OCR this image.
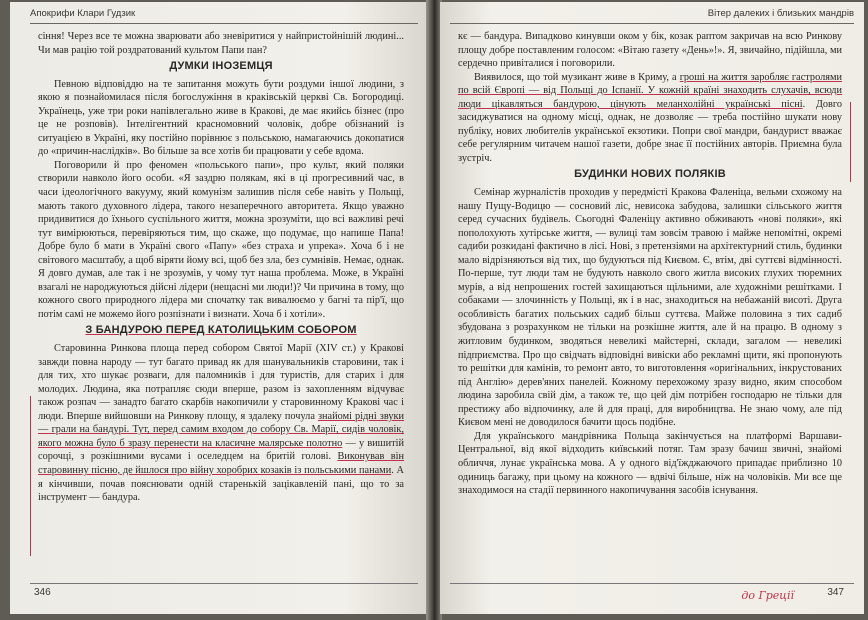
Апокрифи Клари Гудзик

сіння! Через все те можна зварювати або зневіритися у найпристойнішій людині... Чи мав рацію той роздратований культом Папи пан?

ДУМКИ ІНОЗЕМЦЯ

Певною відповіддю на те запитання можуть бути роздуми іншої людини, з якою я познайомилася після богослужіння в краківській церкві Св. Богородиці. Українець, уже три роки напівлегально живе в Кракові, де має якийсь бізнес (про це не розповів). Інтелігентний красномовний чоловік, добре обізнаний із ситуацією в Україні, яку постійно порівнює з польською, намагаючись докопатися до «причин-наслідків». Во більше за все хотів би працювати у себе вдома.

Поговорили й про феномен «польського папи», про культ, який поляки створили навколо його особи. «Я заздрю полякам, які в ці прогресивний час, в часи ідеологічного вакууму, який комунізм залишив після себе навіть у Польщі, мають такого духовного лідера, такого незаперечного авторитета. Якщо уважно придивитися до їхнього суспільного життя, можна зрозуміти, що всі важливі речі тут вимірюються, перевіряються тим, що скаже, що подумає, що напише Папа! Добре було б мати в Україні свого «Папу» «без страха и упрека». Хоча б і не світового масштабу, а щоб віряти йому всі, щоб без зла, без сумнівів. Немає, однак. Я довго думав, але так і не зрозумів, у чому тут наша проблема. Може, в Україні взагалі не народжуються дійсні лідери (нещасні ми люди!)? Чи причина в тому, що кожного свого природного лідера ми спочатку так вивалюємо у багні та пір'ї, що потім самі не можемо його розпізнати і визнати. Хоча б і хотіли».

З БАНДУРОЮ ПЕРЕД КАТОЛИЦЬКИМ СОБОРОМ

Старовинна Ринкова площа перед собором Святої Марії (XIV ст.) у Кракові завжди повна народу — тут багато привад як для шанувальників старовини, так і для тих, хто шукає розваги, для паломників і для туристів, для старих і для молодих. Людина, яка потрапляє сюди вперше, разом із захопленням відчуває також розпач — занадто багато скарбів накопичили у старовинному Кракові час і люди. Вперше вийшовши на Ринкову площу, я здалеку почула знайомі рідні звуки — грали на бандурі. Тут, перед самим входом до собору Св. Марії, сидів чоловік, якого можна було б зразу перенести на класичне малярське полотно — у вишитій сорочці, з розкішними вусами і оселедцем на бритій голові. Виконував він старовинну пісню, де йшлося про війну хоробрих козаків із польськими панами. А я кінчивши, почав пояснювати одній старенькій зацікавленій пані, що то за інструмент — бандура.

346
Вітер далеких і близьких мандрів

кє — бандура. Випадково кинувши оком у бік, козак раптом закричав на всю Ринкову площу добре поставленим голосом: «Вітаю газету «День»!». Я, звичайно, підійшла, ми сердечно привіталися і поговорили.

Виявилося, що той музикант живе в Криму, а гроші на життя заробляє гастролями по всій Європі — від Польщі до Іспанії. У кожній країні знаходить слухачів, всюди люди цікавляться бандурою, цінують меланхолійні українські пісні. Довго засиджуватися на одному місці, однак, не дозволяє — треба постійно шукати нову публіку, нових любителів української екзотики. Попри свої мандри, бандурист вважає себе регулярним читачем нашої газети, добре знає її постійних авторів. Приємна була зустріч.

БУДИНКИ НОВИХ ПОЛЯКІВ

Семінар журналістів проходив у передмісті Кракова Фаленіца, вельми схожому на нашу Пущу-Водицю — сосновий ліс, невисока забудова, залишки сільського життя серед сучасних будівель. Сьогодні Фаленіцу активно обживають «нові поляки», які пополохують хутірське життя, — вулиці там зовсім травою і майже непомітні, окремі садиби розкидані фактично в лісі. Нові, з претензіями на архітектурний стиль, будинки мало відрізняються від тих, що будуються під Києвом. Є, втім, дві суттєві відмінності. По-перше, тут люди там не будують навколо свого житла високих глухих тюремних мурів, а від непрошених гостей захищаються щільними, але художніми решітками. І собаками — злочинність у Польщі, як і в нас, знаходиться на небажаній висоті. Друга особливість багатих польських садиб більш суттєва. Майже половина з тих садиб збудована з розрахунком не тільки на розкішне життя, але й на працю. В одному з житловим будинком, зводяться невеликі майстерні, склади, загалом — невеликі підприємства. Про що свідчать відповідні вивіски або рекламні щити, які пропонують то решітки для камінів, то ремонт авто, то виготовлення «оригінальних, інкрустованих під Англію» дерев'яних панелей. Кожному перехожому зразу видно, яким способом людина заробила свій дім, а також те, що цей дім потрібен господарю не тільки для престижу або відпочинку, але й для праці, для виробництва. Не знаю чому, але під Києвом мені не доводилося бачити щось подібне.

Для українського мандрівника Польща закінчується на платформі Варшави-Центральної, від якої відходить київський потяг. Там зразу бачиш звичні, знайомі обличчя, лунає українська мова. А у одного від'їжджаючого припадає приблизно 10 одиниць багажу, при цьому на кожного — вдвічі більше, ніж на чоловіків. Ми все ще знаходимося на стадії первинного накопичування засобів існування.

до Греції	347
